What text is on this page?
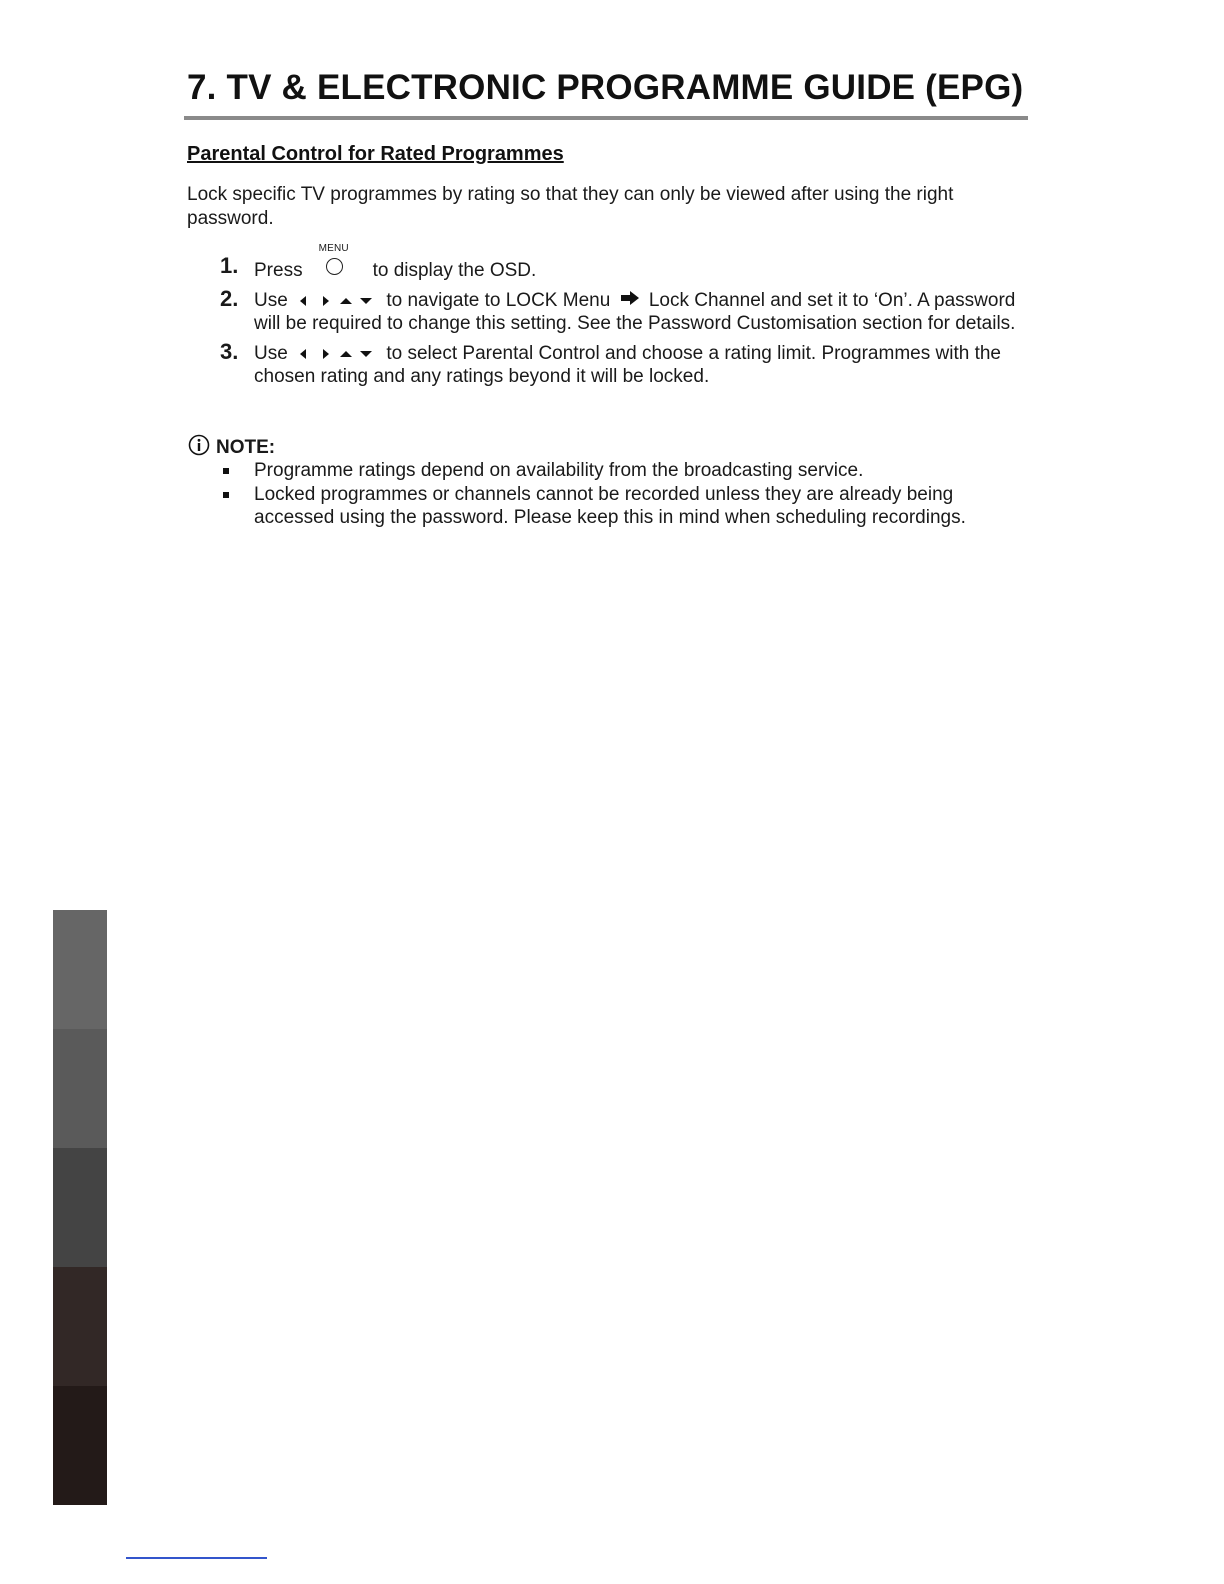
7. TV & ELECTRONIC PROGRAMME GUIDE (EPG)
Parental Control for Rated Programmes

Lock specific TV programmes by rating so that they can only be viewed after using the right password.

1. Press
MENU
to display the OSD.
2. Use	to navigate to LOCK Menu Lock Channel and set it to ‘On’. A password will be required to change this setting. See the Password Customisation section for details.
3. Use	to select Parental Control and choose a rating limit. Programmes with the chosen rating and any ratings beyond it will be locked.
NOTE:
Programme ratings depend on availability from the broadcasting service.
Locked programmes or channels cannot be recorded unless they are already being accessed using the password. Please keep this in mind when scheduling recordings.
